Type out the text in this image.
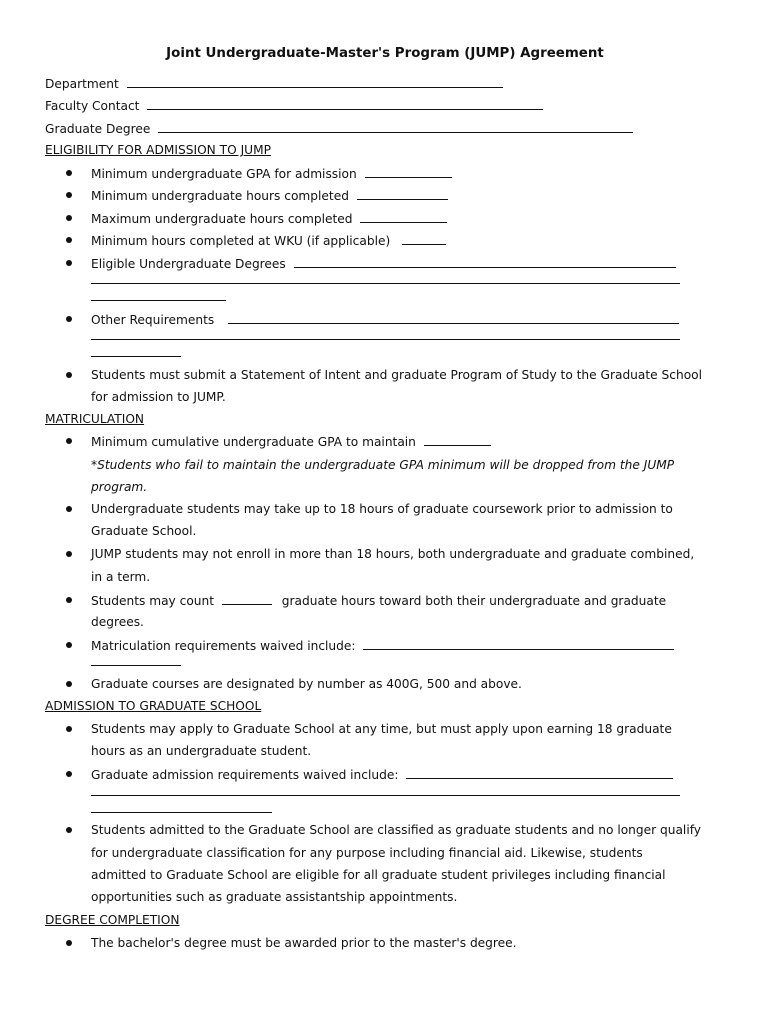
Joint Undergraduate-Master's Program (JUMP) Agreement
Department
Faculty Contact
Graduate Degree
ELIGIBILITY FOR ADMISSION TO JUMP
Minimum undergraduate GPA for admission
Minimum undergraduate hours completed
Maximum undergraduate hours completed
Minimum hours completed at WKU (if applicable)
Eligible Undergraduate Degrees
Other Requirements
Students must submit a Statement of Intent and graduate Program of Study to the Graduate School
for admission to JUMP.
MATRICULATION
Minimum cumulative undergraduate GPA to maintain
*Students who fail to maintain the undergraduate GPA minimum will be dropped from the JUMP
program.
Undergraduate students may take up to 18 hours of graduate coursework prior to admission to
Graduate School.
JUMP students may not enroll in more than 18 hours, both undergraduate and graduate combined,
in a term.
Students may count	graduate hours toward both their undergraduate and graduate
degrees.
Matriculation requirements waived include:
Graduate courses are designated by number as 400G, 500 and above.
ADMISSION TO GRADUATE SCHOOL
Students may apply to Graduate School at any time, but must apply upon earning 18 graduate
hours as an undergraduate student.
Graduate admission requirements waived include:
Students admitted to the Graduate School are classified as graduate students and no longer qualify
for undergraduate classification for any purpose including financial aid. Likewise, students
admitted to Graduate School are eligible for all graduate student privileges including financial
opportunities such as graduate assistantship appointments.
DEGREE COMPLETION
The bachelor's degree must be awarded prior to the master's degree.
